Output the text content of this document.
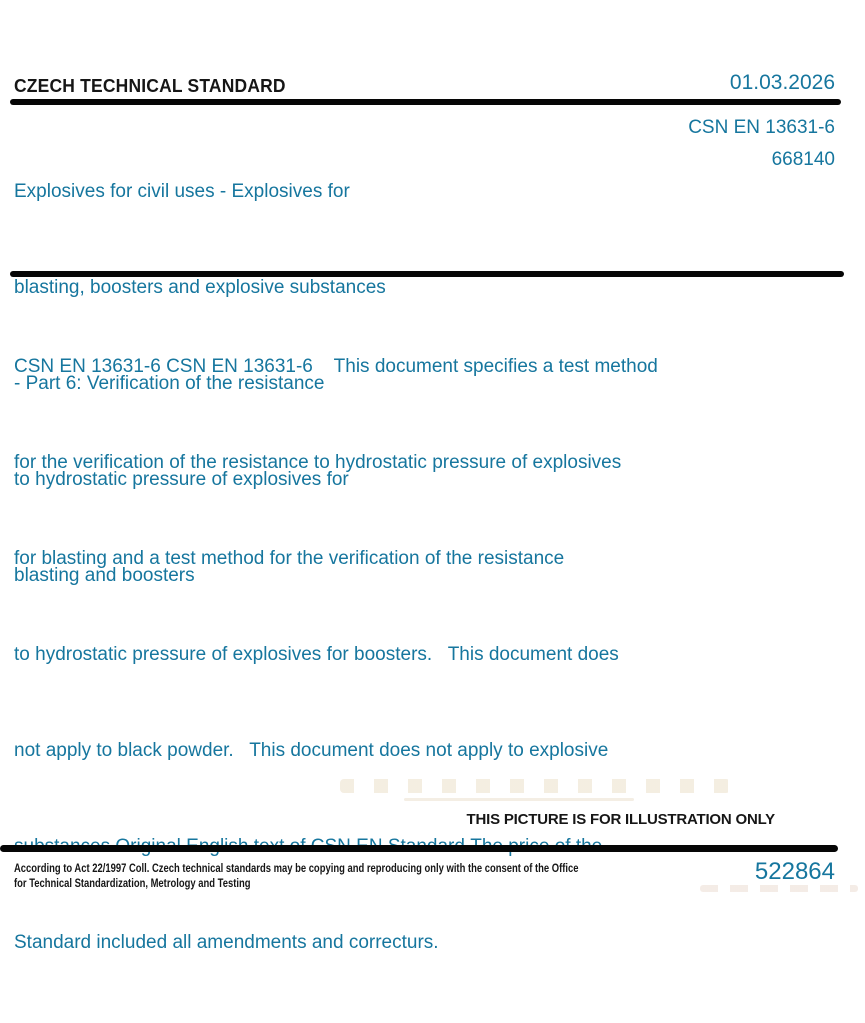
CZECH TECHNICAL STANDARD	01.03.2026

Explosives for civil uses - Explosives for

blasting, boosters and explosive substances

- Part 6: Verification of the resistance

to hydrostatic pressure of explosives for

blasting and boosters

CSN EN 13631-6
668140

CSN EN 13631-6 CSN EN 13631-6    This document specifies a test method

for the verification of the resistance to hydrostatic pressure of explosives

for blasting and a test method for the verification of the resistance

to hydrostatic pressure of explosives for boosters.   This document does

not apply to black powder.   This document does not apply to explosive

Standard included all amendments and correcturs.

THIS PICTURE IS FOR ILLUSTRATION ONLY
According to Act 22/1997 Coll. Czech technical standards may be copying and reproducing only with the consent of the Office
for Technical Standardization, Metrology and Testing	522864
